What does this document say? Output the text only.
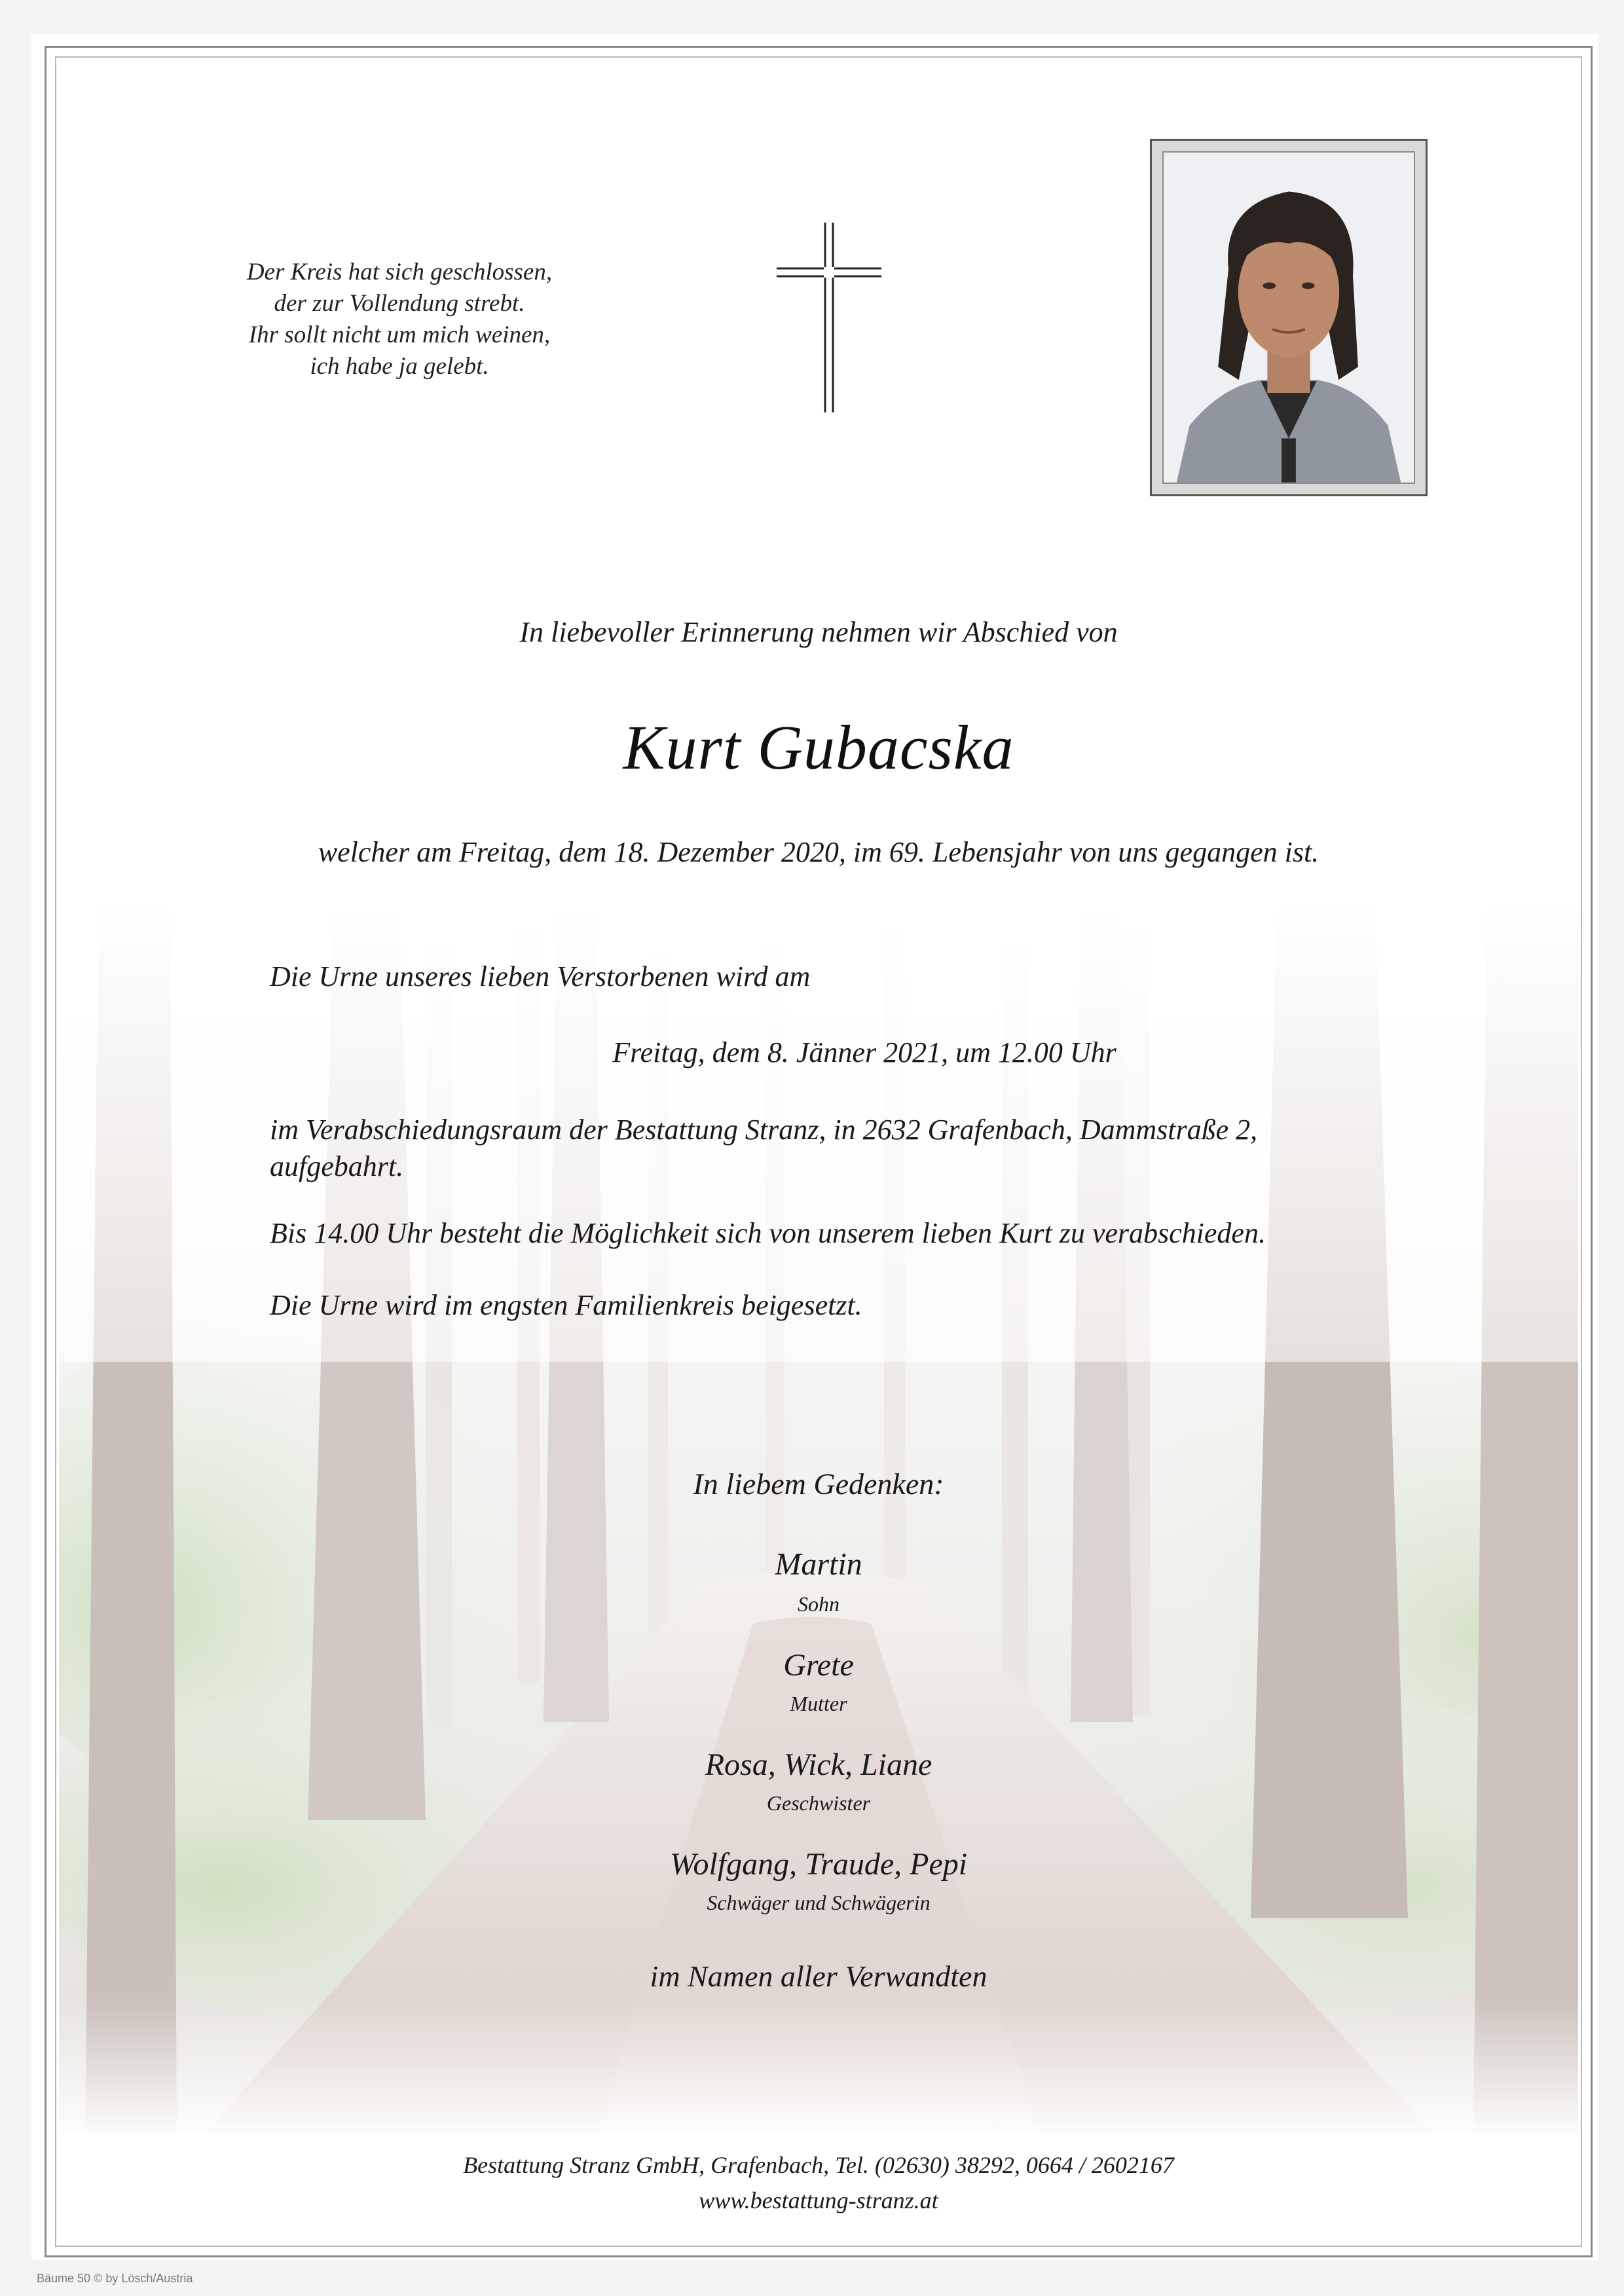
Der Kreis hat sich geschlossen,
der zur Vollendung strebt.
Ihr sollt nicht um mich weinen,
ich habe ja gelebt.
In liebevoller Erinnerung nehmen wir Abschied von
Kurt Gubacska
welcher am Freitag, dem 18. Dezember 2020, im 69. Lebensjahr von uns gegangen ist.
Die Urne unseres lieben Verstorbenen wird am
Freitag, dem 8. Jänner 2021, um 12.00 Uhr
im Verabschiedungsraum der Bestattung Stranz, in 2632 Grafenbach, Dammstraße 2,
aufgebahrt.
Bis 14.00 Uhr besteht die Möglichkeit sich von unserem lieben Kurt zu verabschieden.
Die Urne wird im engsten Familienkreis beigesetzt.
In liebem Gedenken:
Martin
Sohn
Grete
Mutter
Rosa, Wick, Liane
Geschwister
Wolfgang, Traude, Pepi
Schwäger und Schwägerin
im Namen aller Verwandten
Bestattung Stranz GmbH, Grafenbach, Tel. (02630) 38292, 0664 / 2602167
www.bestattung-stranz.at
Bäume 50 © by Lösch/Austria
